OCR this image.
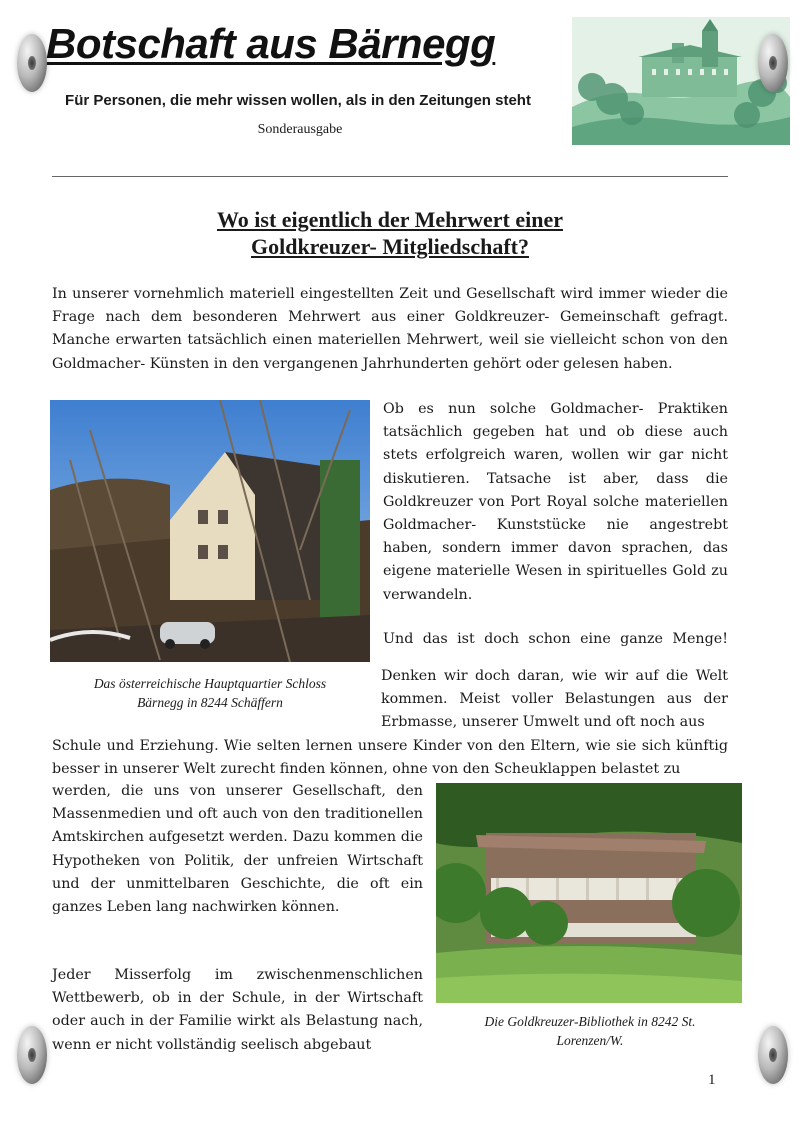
Botschaft aus Bärnegg
Für Personen, die mehr wissen wollen, als in den Zeitungen steht
Sonderausgabe
Wo ist eigentlich der Mehrwert einer
Goldkreuzer- Mitgliedschaft?
In unserer vornehmlich materiell eingestellten Zeit und Gesellschaft wird immer wieder die Frage nach dem besonderen Mehrwert aus einer Goldkreuzer- Gemeinschaft gefragt. Manche erwarten tatsächlich einen materiellen Mehrwert, weil sie vielleicht schon von den Goldmacher- Künsten in den vergangenen Jahrhunderten gehört oder gelesen haben.
Das österreichische Hauptquartier Schloss Bärnegg in 8244 Schäffern
Ob es nun solche Goldmacher- Praktiken tatsächlich gegeben hat und ob diese auch stets erfolgreich waren, wollen wir gar nicht diskutieren. Tatsache ist aber, dass die Goldkreuzer von Port Royal solche materiellen Goldmacher- Kunststücke nie angestrebt haben, sondern immer davon sprachen, das eigene materielle Wesen in spirituelles Gold zu verwandeln.
Und das ist doch schon eine ganze Menge!
Denken wir doch daran, wie wir auf die Welt kommen. Meist voller Belastungen aus der Erbmasse, unserer Umwelt und oft noch aus
Schule und Erziehung. Wie selten lernen unsere Kinder von den Eltern, wie sie sich künftig besser in unserer Welt zurecht finden können, ohne von den Scheuklappen belastet zu
werden, die uns von unserer Gesellschaft, den Massenmedien und oft auch von den traditionellen Amtskirchen aufgesetzt werden. Dazu kommen die Hypotheken von Politik, der unfreien Wirtschaft und der unmittelbaren Geschichte, die oft ein ganzes Leben lang nachwirken können.
Die Goldkreuzer-Bibliothek in 8242 St. Lorenzen/W.
Jeder Misserfolg im zwischenmenschlichen Wettbewerb, ob in der Schule, in der Wirtschaft oder auch in der Familie wirkt als Belastung nach, wenn er nicht vollständig seelisch abgebaut
1
